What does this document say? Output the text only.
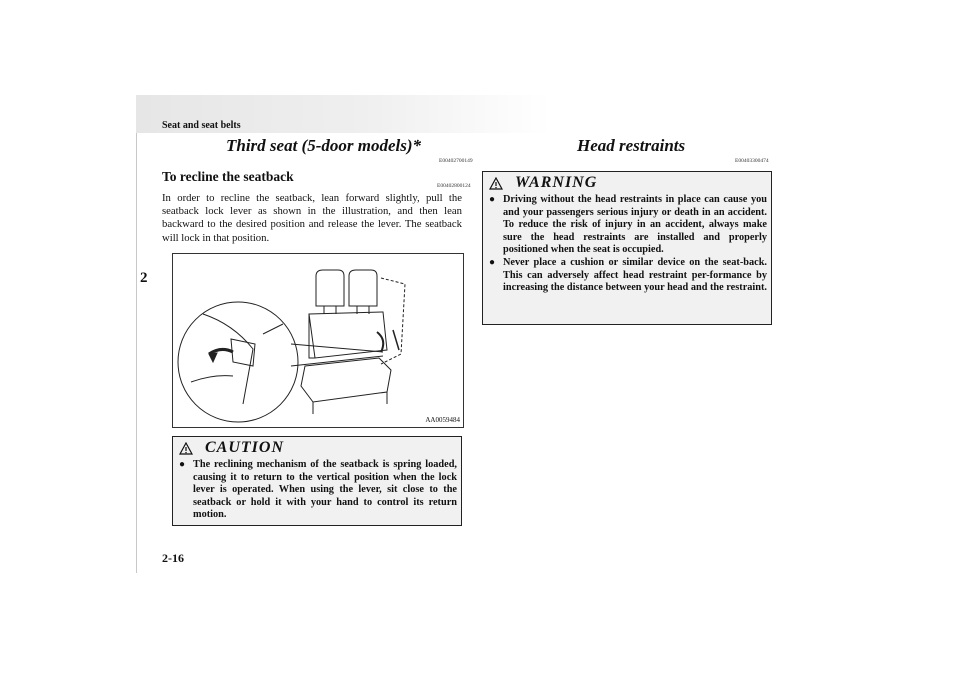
Seat and seat belts
2
2-16
Third seat (5-door models)*
E00402700149
To recline the seatback
E00402800124
In order to recline the seatback, lean forward slightly, pull the seatback lock lever as shown in the illustration, and then lean backward to the desired position and release the lever. The seatback will lock in that position.
AA0059484
CAUTION
● The reclining mechanism of the seatback is spring loaded, causing it to return to the vertical position when the lock lever is operated. When using the lever, sit close to the seatback or hold it with your hand to control its return motion.
Head restraints
E00403300474
WARNING
● Driving without the head restraints in place can cause you and your passengers serious injury or death in an accident. To reduce the risk of injury in an accident, always make sure the head restraints are installed and properly positioned when the seat is occupied.
● Never place a cushion or similar device on the seat-back. This can adversely affect head restraint per-formance by increasing the distance between your head and the restraint.
